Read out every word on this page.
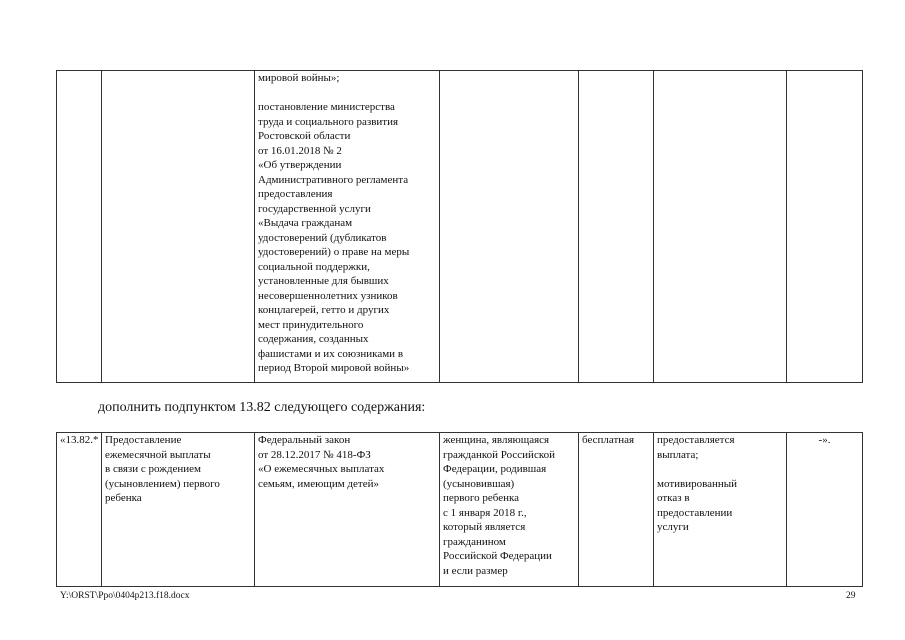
		мировой войны»;

постановление министерства
труда и социального развития
Ростовской области
от 16.01.2018 № 2
«Об утверждении
Административного регламента
предоставления
государственной услуги
«Выдача гражданам
удостоверений (дубликатов
удостоверений) о праве на меры
социальной поддержки,
установленные для бывших
несовершеннолетних узников
концлагерей, гетто и других
мест принудительного
содержания, созданных
фашистами и их союзниками в
период Второй мировой войны»				
дополнить подпунктом 13.82 следующего содержания:
«13.82.*	Предоставление
ежемесячной выплаты
в связи с рождением
(усыновлением) первого
ребенка	Федеральный закон
от 28.12.2017 № 418-ФЗ
«О ежемесячных выплатах
семьям, имеющим детей»	женщина, являющаяся
гражданкой Российской
Федерации, родившая
(усыновившая)
первого ребенка
с 1 января 2018 г.,
который является
гражданином
Российской Федерации
и если размер	бесплатная	предоставляется
выплата;

мотивированный
отказ в
предоставлении
услуги	-».
Y:\ORST\Ppo\0404p213.f18.docx	29
